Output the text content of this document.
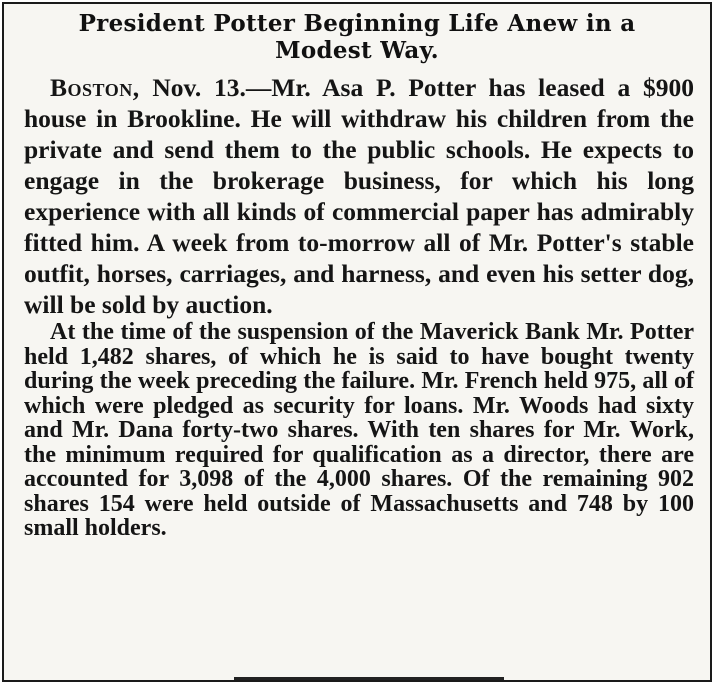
President Potter Beginning Life Anew in a
Modest Way.

Boston, Nov. 13.—Mr. Asa P. Potter has leased a $900 house in Brookline. He will withdraw his children from the private and send them to the public schools. He expects to engage in the brokerage business, for which his long experience with all kinds of commercial paper has admirably fitted him. A week from to-morrow all of Mr. Potter's stable outfit, horses, carriages, and harness, and even his setter dog, will be sold by auction.

At the time of the suspension of the Maverick Bank Mr. Potter held 1,482 shares, of which he is said to have bought twenty during the week preceding the failure. Mr. French held 975, all of which were pledged as security for loans. Mr. Woods had sixty and Mr. Dana forty-two shares. With ten shares for Mr. Work, the minimum required for qualification as a director, there are accounted for 3,098 of the 4,000 shares. Of the remaining 902 shares 154 were held outside of Massachusetts and 748 by 100 small holders.
